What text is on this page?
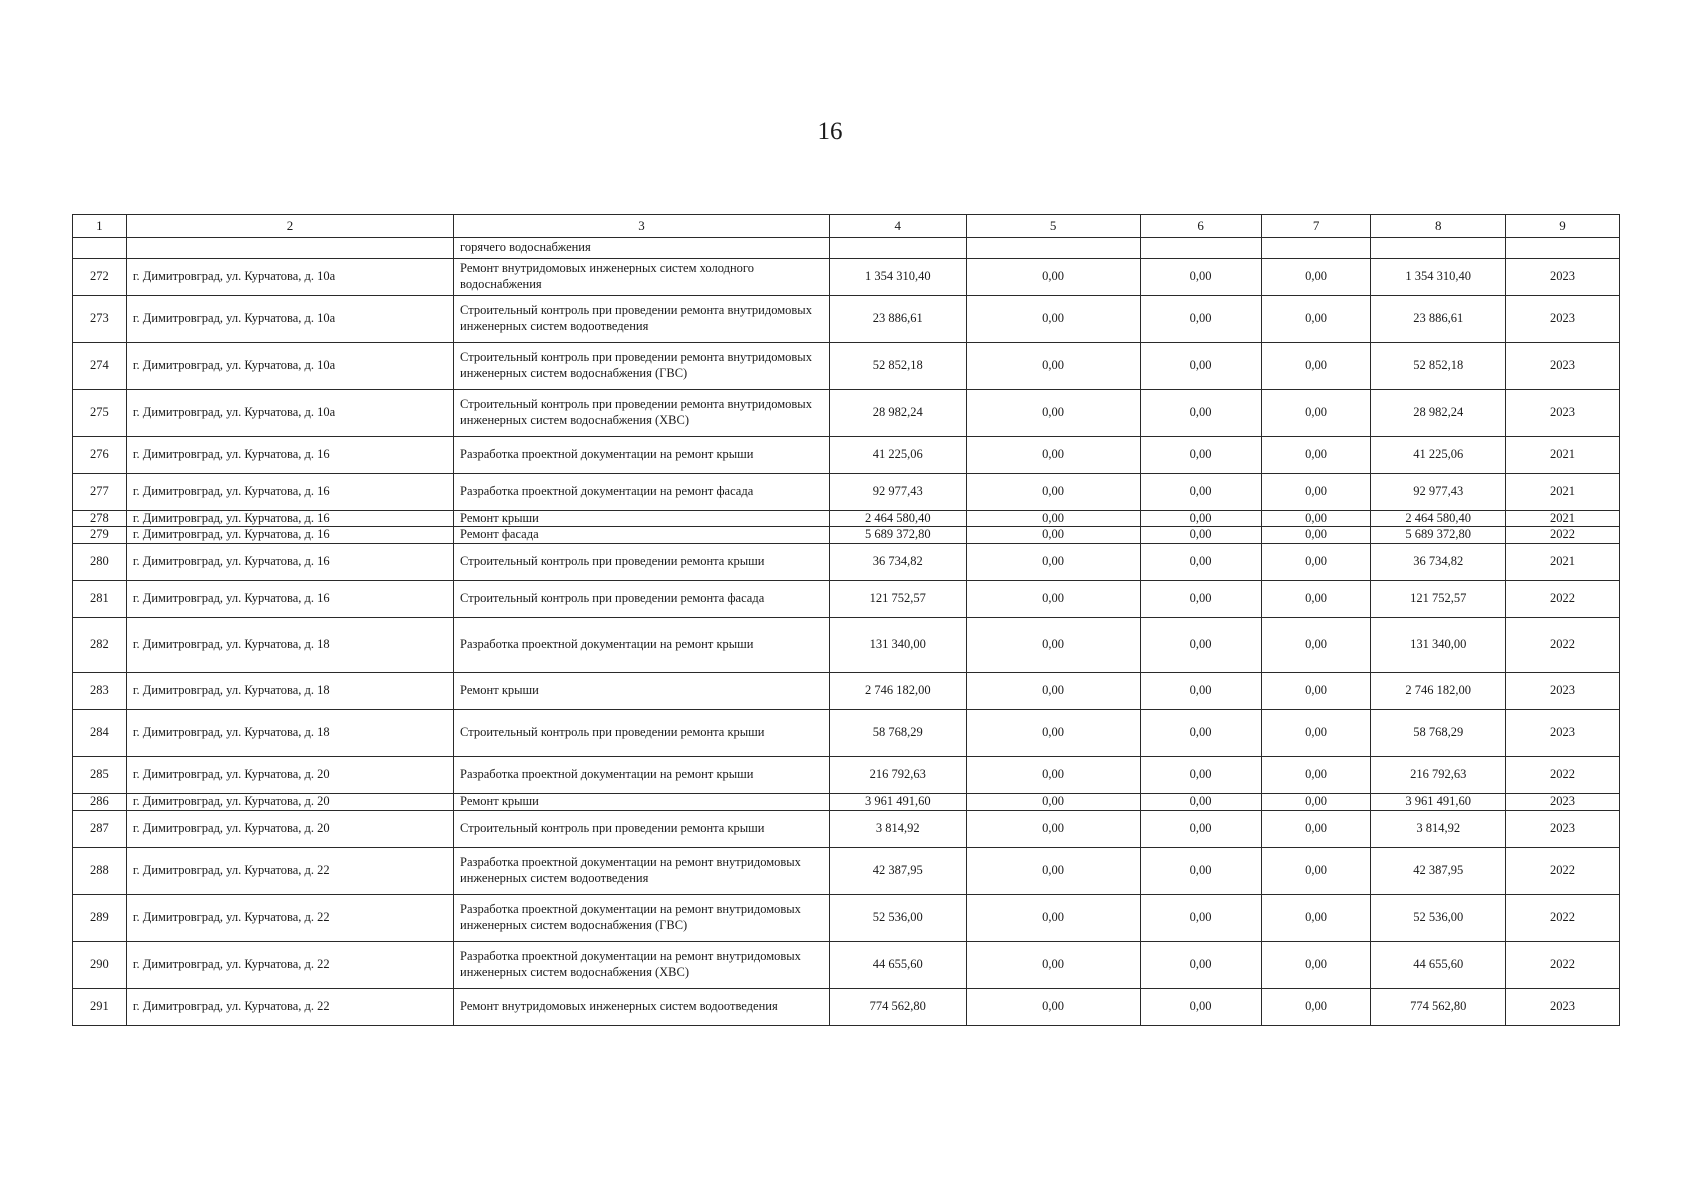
16
1	2	3	4	5	6	7	8	9
		горячего водоснабжения						
272	г. Димитровград, ул. Курчатова, д. 10а	Ремонт внутридомовых инженерных систем холодного водоснабжения	1 354 310,40	0,00	0,00	0,00	1 354 310,40	2023
273	г. Димитровград, ул. Курчатова, д. 10а	Строительный контроль при проведении ремонта внутридомовых инженерных систем водоотведения	23 886,61	0,00	0,00	0,00	23 886,61	2023
274	г. Димитровград, ул. Курчатова, д. 10а	Строительный контроль при проведении ремонта внутридомовых инженерных систем водоснабжения (ГВС)	52 852,18	0,00	0,00	0,00	52 852,18	2023
275	г. Димитровград, ул. Курчатова, д. 10а	Строительный контроль при проведении ремонта внутридомовых инженерных систем водоснабжения (ХВС)	28 982,24	0,00	0,00	0,00	28 982,24	2023
276	г. Димитровград, ул. Курчатова, д. 16	Разработка проектной документации на ремонт крыши	41 225,06	0,00	0,00	0,00	41 225,06	2021
277	г. Димитровград, ул. Курчатова, д. 16	Разработка проектной документации на ремонт фасада	92 977,43	0,00	0,00	0,00	92 977,43	2021
278	г. Димитровград, ул. Курчатова, д. 16	Ремонт крыши	2 464 580,40	0,00	0,00	0,00	2 464 580,40	2021
279	г. Димитровград, ул. Курчатова, д. 16	Ремонт фасада	5 689 372,80	0,00	0,00	0,00	5 689 372,80	2022
280	г. Димитровград, ул. Курчатова, д. 16	Строительный контроль при проведении ремонта крыши	36 734,82	0,00	0,00	0,00	36 734,82	2021
281	г. Димитровград, ул. Курчатова, д. 16	Строительный контроль при проведении ремонта фасада	121 752,57	0,00	0,00	0,00	121 752,57	2022
282	г. Димитровград, ул. Курчатова, д. 18	Разработка проектной документации на ремонт крыши	131 340,00	0,00	0,00	0,00	131 340,00	2022
283	г. Димитровград, ул. Курчатова, д. 18	Ремонт крыши	2 746 182,00	0,00	0,00	0,00	2 746 182,00	2023
284	г. Димитровград, ул. Курчатова, д. 18	Строительный контроль при проведении ремонта крыши	58 768,29	0,00	0,00	0,00	58 768,29	2023
285	г. Димитровград, ул. Курчатова, д. 20	Разработка проектной документации на ремонт крыши	216 792,63	0,00	0,00	0,00	216 792,63	2022
286	г. Димитровград, ул. Курчатова, д. 20	Ремонт крыши	3 961 491,60	0,00	0,00	0,00	3 961 491,60	2023
287	г. Димитровград, ул. Курчатова, д. 20	Строительный контроль при проведении ремонта крыши	3 814,92	0,00	0,00	0,00	3 814,92	2023
288	г. Димитровград, ул. Курчатова, д. 22	Разработка проектной документации на ремонт внутридомовых инженерных систем водоотведения	42 387,95	0,00	0,00	0,00	42 387,95	2022
289	г. Димитровград, ул. Курчатова, д. 22	Разработка проектной документации на ремонт внутридомовых инженерных систем водоснабжения (ГВС)	52 536,00	0,00	0,00	0,00	52 536,00	2022
290	г. Димитровград, ул. Курчатова, д. 22	Разработка проектной документации на ремонт внутридомовых инженерных систем водоснабжения (ХВС)	44 655,60	0,00	0,00	0,00	44 655,60	2022
291	г. Димитровград, ул. Курчатова, д. 22	Ремонт внутридомовых инженерных систем водоотведения	774 562,80	0,00	0,00	0,00	774 562,80	2023
